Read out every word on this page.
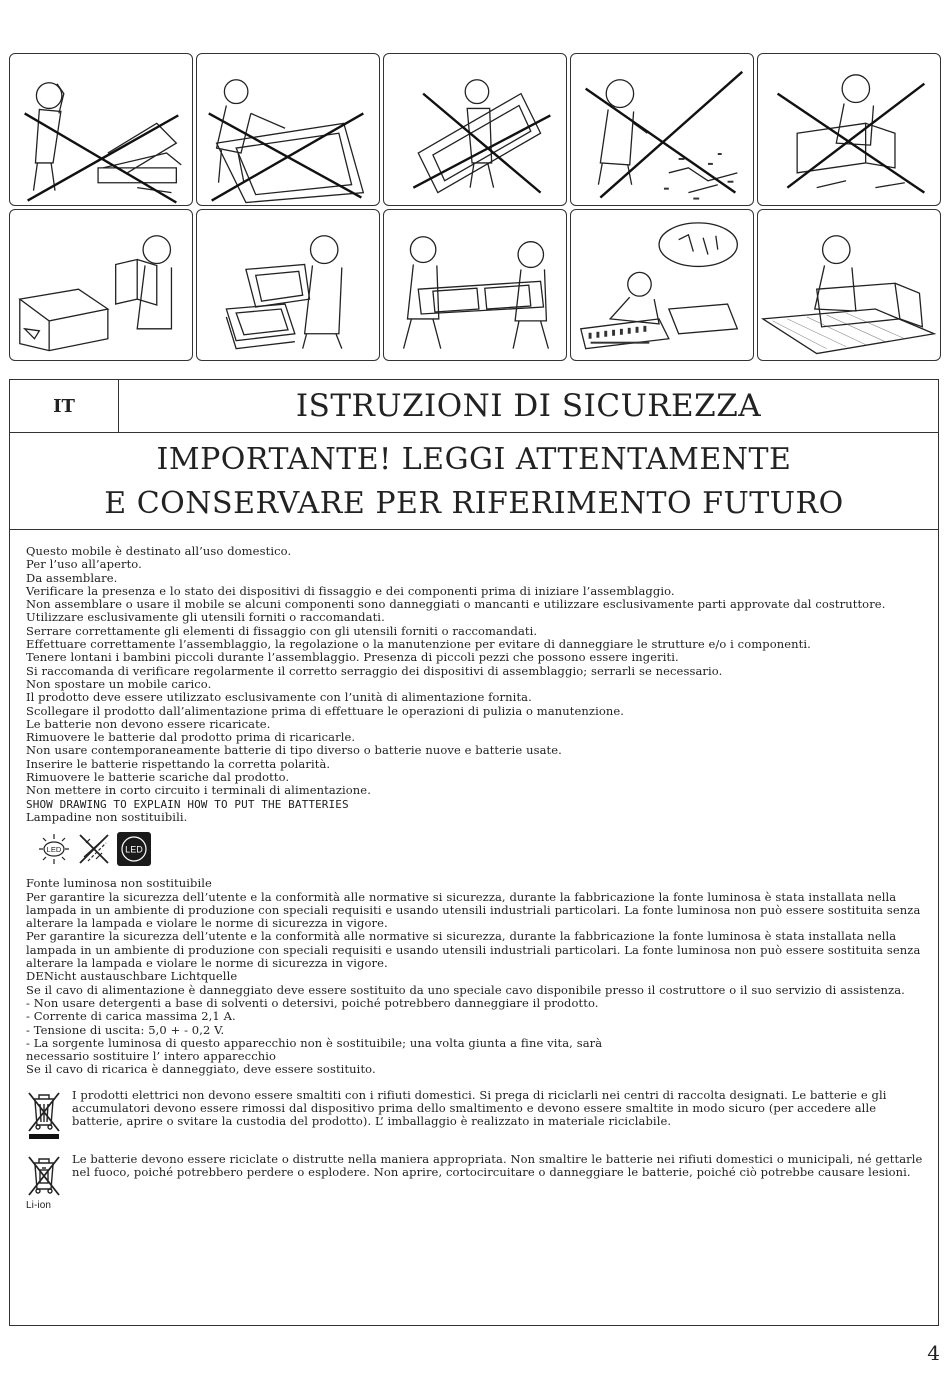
IT	ISTRUZIONI DI SICUREZZA
IMPORTANTE! LEGGI ATTENTAMENTE
E CONSERVARE PER RIFERIMENTO FUTURO
Questo mobile è destinato all’uso domestico.
Per l’uso all’aperto.
Da assemblare.
Verificare la presenza e lo stato dei dispositivi di fissaggio e dei componenti prima di iniziare l’assemblaggio.
Non assemblare o usare il mobile se alcuni componenti sono danneggiati o mancanti e utilizzare esclusivamente parti approvate dal costruttore.
Utilizzare esclusivamente gli utensili forniti o raccomandati.
Serrare correttamente gli elementi di fissaggio con gli utensili forniti o raccomandati.
Effettuare correttamente l’assemblaggio, la regolazione o la manutenzione per evitare di danneggiare le strutture e/o i componenti.
Tenere lontani i bambini piccoli durante l’assemblaggio. Presenza di piccoli pezzi che possono essere ingeriti.
Si raccomanda di verificare regolarmente il corretto serraggio dei dispositivi di assemblaggio; serrarli se necessario.
Non spostare un mobile carico.
Il prodotto deve essere utilizzato esclusivamente con l’unità di alimentazione fornita.
Scollegare il prodotto dall’alimentazione prima di effettuare le operazioni di pulizia o manutenzione.
Le batterie non devono essere ricaricate.
Rimuovere le batterie dal prodotto prima di ricaricarle.
Non usare contemporaneamente batterie di tipo diverso o batterie nuove e batterie usate.
Inserire le batterie rispettando la corretta polarità.
Rimuovere le batterie scariche dal prodotto.
Non mettere in corto circuito i terminali di alimentazione.
SHOW DRAWING TO EXPLAIN HOW TO PUT THE BATTERIES
Lampadine non sostituibili.
LED	LED
Fonte luminosa non sostituibile
Per garantire la sicurezza dell’utente e la conformità alle normative si sicurezza, durante la fabbricazione la fonte luminosa è stata installata nella lampada in un ambiente di produzione con speciali requisiti e usando utensili industriali particolari. La fonte luminosa non può essere sostituita senza alterare la lampada e violare le norme di sicurezza in vigore.
Per garantire la sicurezza dell’utente e la conformità alle normative si sicurezza, durante la fabbricazione la fonte luminosa è stata installata nella lampada in un ambiente di produzione con speciali requisiti e usando utensili industriali particolari. La fonte luminosa non può essere sostituita senza alterare la lampada e violare le norme di sicurezza in vigore.
DENicht austauschbare Lichtquelle
Se il cavo di alimentazione è danneggiato deve essere sostituito da uno speciale cavo disponibile presso il costruttore o il suo servizio di assistenza.
- Non usare detergenti a base di solventi o detersivi, poiché potrebbero danneggiare il prodotto.
- Corrente di carica massima 2,1 A.
- Tensione di uscita: 5,0 + - 0,2 V.
- La sorgente luminosa di questo apparecchio non è sostituibile; una volta giunta a fine vita, sarà
necessario sostituire l’ intero apparecchio
Se il cavo di ricarica è danneggiato, deve essere sostituito.
I prodotti elettrici non devono essere smaltiti con i rifiuti domestici. Si prega di riciclarli nei centri di raccolta designati. Le batterie e gli accumulatori devono essere rimossi dal dispositivo prima dello smaltimento e devono essere smaltite in modo sicuro (per accedere alle batterie, aprire o svitare la custodia del prodotto). L’ imballaggio è realizzato in materiale riciclabile.
Li-ion
Le batterie devono essere riciclate o distrutte nella maniera appropriata. Non smaltire le batterie nei rifiuti domestici o municipali, né gettarle nel fuoco, poiché potrebbero perdere o esplodere. Non aprire, cortocircuitare o danneggiare le batterie, poiché ciò potrebbe causare lesioni.
4
